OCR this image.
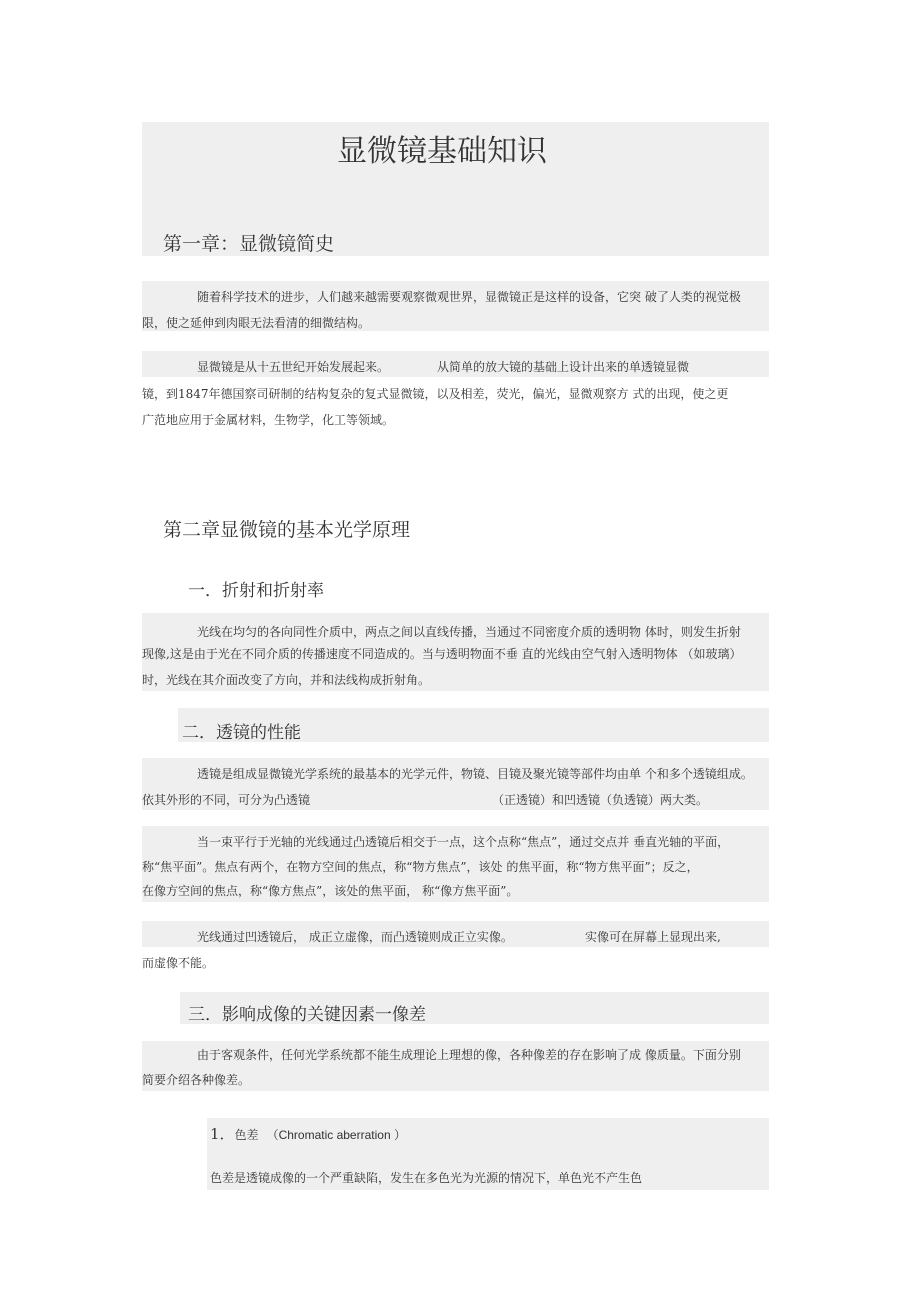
显微镜基础知识
第一章：显微镜简史
随着科学技术的进步，人们越来越需要观察微观世界，显微镜正是这样的设备，它突 破了人类的视觉极
限，使之延伸到肉眼无法看清的细微结构。
显微镜是从十五世纪开始发展起来。	从简单的放大镜的基础上设计出来的单透镜显微
镜，到1847年德国察司研制的结构复杂的复式显微镜，以及相差，荧光，偏光，显微观察方 式的出现，使之更
广范地应用于金属材料，生物学，化工等领域。
第二章显微镜的基本光学原理
一．折射和折射率
光线在均匀的各向同性介质中，两点之间以直线传播，当通过不同密度介质的透明物 体时，则发生折射
现像,这是由于光在不同介质的传播速度不同造成的。当与透明物面不垂 直的光线由空气射入透明物体 （如玻璃）
时，光线在其介面改变了方向，并和法线构成折射角。
二．透镜的性能
透镜是组成显微镜光学系统的最基本的光学元件，物镜、目镜及聚光镜等部件均由单 个和多个透镜组成。
依其外形的不同，可分为凸透镜	（正透镜）和凹透镜（负透镜）两大类。
当一束平行于光轴的光线通过凸透镜后相交于一点，这个点称“焦点”，通过交点并 垂直光轴的平面，
称“焦平面”。焦点有两个，在物方空间的焦点，称“物方焦点”，该处 的焦平面，称“物方焦平面”；反之，
在像方空间的焦点，称“像方焦点”，该处的焦平面， 称“像方焦平面”。
光线通过凹透镜后， 成正立虚像，而凸透镜则成正立实像。	实像可在屏幕上显现出来,
而虚像不能。
三．影响成像的关键因素一像差
由于客观条件，任何光学系统都不能生成理论上理想的像，各种像差的存在影响了成 像质量。下面分别
简要介绍各种像差。
1．色差 （Chromatic aberration ）
色差是透镜成像的一个严重缺陷，发生在多色光为光源的情况下，单色光不产生色
